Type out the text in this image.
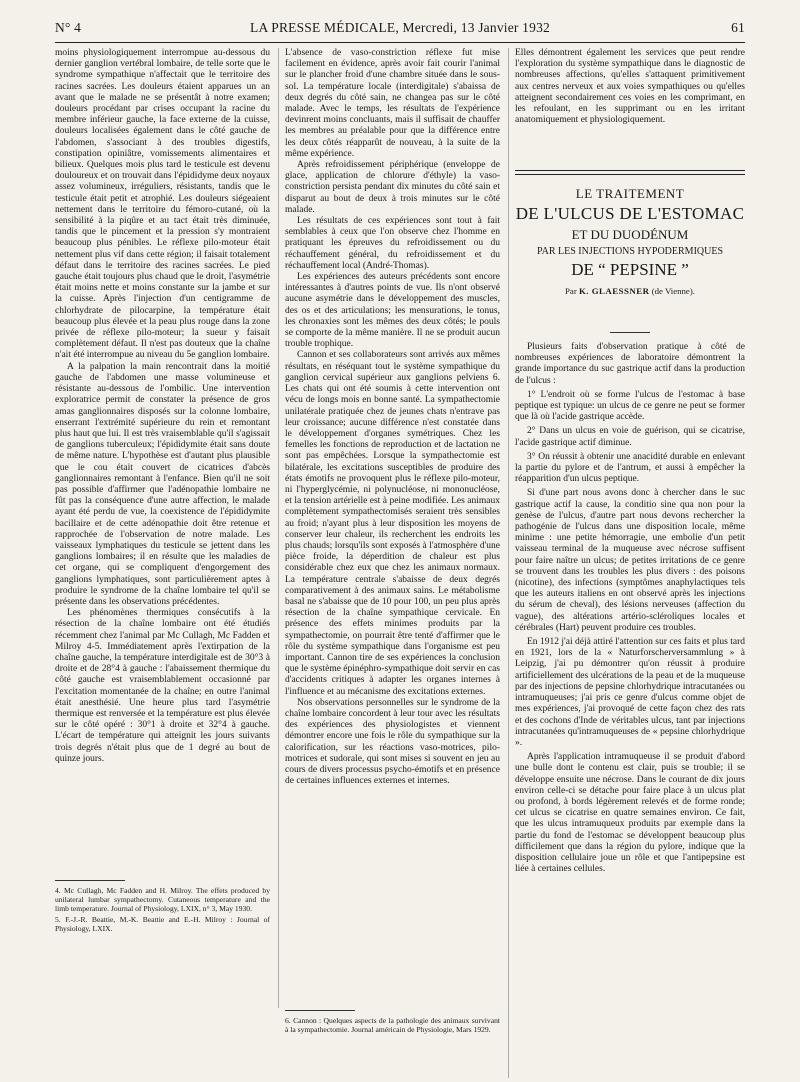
N° 4	LA PRESSE MÉDICALE, Mercredi, 13 Janvier 1932	61

moins physiologiquement interrompue au-dessous du dernier ganglion vertébral lombaire, de telle sorte que le syndrome sympathique n'affectait que le territoire des racines sacrées. Les douleurs étaient apparues un an avant que le malade ne se présentât à notre examen; douleurs procédant par crises occupant la racine du membre inférieur gauche, la face externe de la cuisse, douleurs localisées également dans le côté gauche de l'abdomen, s'associant à des troubles digestifs, constipation opiniâtre, vomissements alimentaires et bilieux. Quelques mois plus tard le testicule est devenu douloureux et on trouvait dans l'épididyme deux noyaux assez volumineux, irréguliers, résistants, tandis que le testicule était petit et atrophié. Les douleurs siégeaient nettement dans le territoire du fémoro-cutané, où la sensibilité à la piqûre et au tact était très diminuée, tandis que le pincement et la pression s'y montraient beaucoup plus pénibles. Le réflexe pilo-moteur était nettement plus vif dans cette région; il faisait totalement défaut dans le territoire des racines sacrées. Le pied gauche était toujours plus chaud que le droit, l'asymétrie était moins nette et moins constante sur la jambe et sur la cuisse. Après l'injection d'un centigramme de chlorhydrate de pilocarpine, la température était beaucoup plus élevée et la peau plus rouge dans la zone privée de réflexe pilo-moteur; la sueur y faisait complètement défaut. Il n'est pas douteux que la chaîne n'ait été interrompue au niveau du 5e ganglion lombaire.

A la palpation la main rencontrait dans la moitié gauche de l'abdomen une masse volumineuse et résistante au-dessous de l'ombilic. Une intervention exploratrice permit de constater la présence de gros amas ganglionnaires disposés sur la colonne lombaire, enserrant l'extrémité supérieure du rein et remontant plus haut que lui. Il est très vraisemblable qu'il s'agissait de ganglions tuberculeux; l'épididymite était sans doute de même nature. L'hypothèse est d'autant plus plausible que le cou était couvert de cicatrices d'abcès ganglionnaires remontant à l'enfance. Bien qu'il ne soit pas possible d'affirmer que l'adénopathie lombaire ne fût pas la conséquence d'une autre affection, le malade ayant été perdu de vue, la coexistence de l'épididymite bacillaire et de cette adénopathie doit être retenue et rapprochée de l'observation de notre malade. Les vaisseaux lymphatiques du testicule se jettent dans les ganglions lombaires; il en résulte que les maladies de cet organe, qui se compliquent d'engorgement des ganglions lymphatiques, sont particulièrement aptes à produire le syndrome de la chaîne lombaire tel qu'il se présente dans les observations précédentes.

Les phénomènes thermiques consécutifs à la résection de la chaîne lombaire ont été étudiés récemment chez l'animal par Mc Cullagh, Mc Fadden et Milroy 4-5. Immédiatement après l'extirpation de la chaîne gauche, la température interdigitale est de 30°3 à droite et de 28°4 à gauche : l'abaissement thermique du côté gauche est vraisemblablement occasionné par l'excitation momentanée de la chaîne; en outre l'animal était anesthésié. Une heure plus tard l'asymétrie thermique est renversée et la température est plus élevée sur le côté opéré : 30°1 à droite et 32°4 à gauche. L'écart de température qui atteignit les jours suivants trois degrés n'était plus que de 1 degré au bout de quinze jours.

4. Mc Cullagh, Mc Fadden and H. Milroy. The effets produced by unilateral lumbar sympathectomy. Cutaneous temperature and the limb temperature. Journal of Physiology, LXIX, n° 3, May 1930.

5. F.-J.-R. Beattie, M.-K. Beattie and E.-H. Milroy : Journal of Physiology, LXIX.

L'absence de vaso-constriction réflexe fut mise facilement en évidence, après avoir fait courir l'animal sur le plancher froid d'une chambre située dans le sous-sol. La température locale (interdigitale) s'abaissa de deux degrés du côté sain, ne changea pas sur le côté malade. Avec le temps, les résultats de l'expérience devinrent moins concluants, mais il suffisait de chauffer les membres au préalable pour que la différence entre les deux côtés réapparût de nouveau, à la suite de la même expérience.

Après refroidissement périphérique (enveloppe de glace, application de chlorure d'éthyle) la vaso-constriction persista pendant dix minutes du côté sain et disparut au bout de deux à trois minutes sur le côté malade.

Les résultats de ces expériences sont tout à fait semblables à ceux que l'on observe chez l'homme en pratiquant les épreuves du refroidissement ou du réchauffement général, du refroidissement et du réchauffement local (André-Thomas).

Les expériences des auteurs précédents sont encore intéressantes à d'autres points de vue. Ils n'ont observé aucune asymétrie dans le développement des muscles, des os et des articulations; les mensurations, le tonus, les chronaxies sont les mêmes des deux côtés; le pouls se comporte de la même manière. Il ne se produit aucun trouble trophique.

Cannon et ses collaborateurs sont arrivés aux mêmes résultats, en réséquant tout le système sympathique du ganglion cervical supérieur aux ganglions pelviens 6. Les chats qui ont été soumis à cette intervention ont vécu de longs mois en bonne santé. La sympathectomie unilatérale pratiquée chez de jeunes chats n'entrave pas leur croissance; aucune différence n'est constatée dans le développement d'organes symétriques. Chez les femelles les fonctions de reproduction et de lactation ne sont pas empêchées. Lorsque la sympathectomie est bilatérale, les excitations susceptibles de produire des états émotifs ne provoquent plus le réflexe pilo-moteur, ni l'hyperglycémie, ni polynucléose, ni mononucléose, et la tension artérielle est à peine modifiée. Les animaux complètement sympathectomisés seraient très sensibles au froid; n'ayant plus à leur disposition les moyens de conserver leur chaleur, ils recherchent les endroits les plus chauds; lorsqu'ils sont exposés à l'atmosphère d'une pièce froide, la déperdition de chaleur est plus considérable chez eux que chez les animaux normaux. La température centrale s'abaisse de deux degrés comparativement à des animaux sains. Le métabolisme basal ne s'abaisse que de 10 pour 100, un peu plus après résection de la chaîne sympathique cervicale. En présence des effets minimes produits par la sympathectomie, on pourrait être tenté d'affirmer que le rôle du système sympathique dans l'organisme est peu important. Cannon tire de ses expériences la conclusion que le système épinéphro-sympathique doit servir en cas d'accidents critiques à adapter les organes internes à l'influence et au mécanisme des excitations externes.

Nos observations personnelles sur le syndrome de la chaîne lombaire concordent à leur tour avec les résultats des expériences des physiologistes et viennent démontrer encore une fois le rôle du sympathique sur la calorification, sur les réactions vaso-motrices, pilo-motrices et sudorale, qui sont mises si souvent en jeu au cours de divers processus psycho-émotifs et en présence de certaines influences externes et internes.

6. Cannon : Quelques aspects de la pathologie des animaux survivant à la sympathectomie. Journal américain de Physiologie, Mars 1929.

Elles démontrent également les services que peut rendre l'exploration du système sympathique dans le diagnostic de nombreuses affections, qu'elles s'attaquent primitivement aux centres nerveux et aux voies sympathiques ou qu'elles atteignent secondairement ces voies en les comprimant, en les refoulant, en les supprimant ou en les irritant anatomiquement et physiologiquement.

LE TRAITEMENT
DE L'ULCUS DE L'ESTOMAC
ET DU DUODÉNUM
PAR LES INJECTIONS HYPODERMIQUES
DE “ PEPSINE ”
Par K. GLAESSNER (de Vienne).

Plusieurs faits d'observation pratique à côté de nombreuses expériences de laboratoire démontrent la grande importance du suc gastrique actif dans la production de l'ulcus :

1° L'endroit où se forme l'ulcus de l'estomac à base peptique est typique: un ulcus de ce genre ne peut se former que là où l'acide gastrique accède.

2° Dans un ulcus en voie de guérison, qui se cicatrise, l'acide gastrique actif diminue.

3° On réussit à obtenir une anacidité durable en enlevant la partie du pylore et de l'antrum, et aussi à empêcher la réapparition d'un ulcus peptique.

Si d'une part nous avons donc à chercher dans le suc gastrique actif la cause, la conditio sine qua non pour la genèse de l'ulcus, d'autre part nous devons rechercher la pathogénie de l'ulcus dans une disposition locale, même minime : une petite hémorragie, une embolie d'un petit vaisseau terminal de la muqueuse avec nécrose suffisent pour faire naître un ulcus; de petites irritations de ce genre se trouvent dans les troubles les plus divers : des poisons (nicotine), des infections (symptômes anaphylactiques tels que les auteurs italiens en ont observé après les injections du sérum de cheval), des lésions nerveuses (affection du vague), des altérations artério-scléroliques locales et cérébrales (Hart) peuvent produire ces troubles.

En 1912 j'ai déjà attiré l'attention sur ces faits et plus tard en 1921, lors de la « Naturforscherversammlung » à Leipzig, j'ai pu démontrer qu'on réussit à produire artificiellement des ulcérations de la peau et de la muqueuse par des injections de pepsine chlorhydrique intracutanées ou intramuqueuses; j'ai pris ce genre d'ulcus comme objet de mes expériences, j'ai provoqué de cette façon chez des rats et des cochons d'Inde de véritables ulcus, tant par injections intracutanées qu'intramuqueuses de « pepsine chlorhydrique ».

Après l'application intramuqueuse il se produit d'abord une bulle dont le contenu est clair, puis se trouble; il se développe ensuite une nécrose. Dans le courant de dix jours environ celle-ci se détache pour faire place à un ulcus plat ou profond, à bords légèrement relevés et de forme ronde; cet ulcus se cicatrise en quatre semaines environ. Ce fait, que les ulcus intramuqueux produits par exemple dans la partie du fond de l'estomac se développent beaucoup plus difficilement que dans la région du pylore, indique que la disposition cellulaire joue un rôle et que l'antipepsine est liée à certaines cellules.
